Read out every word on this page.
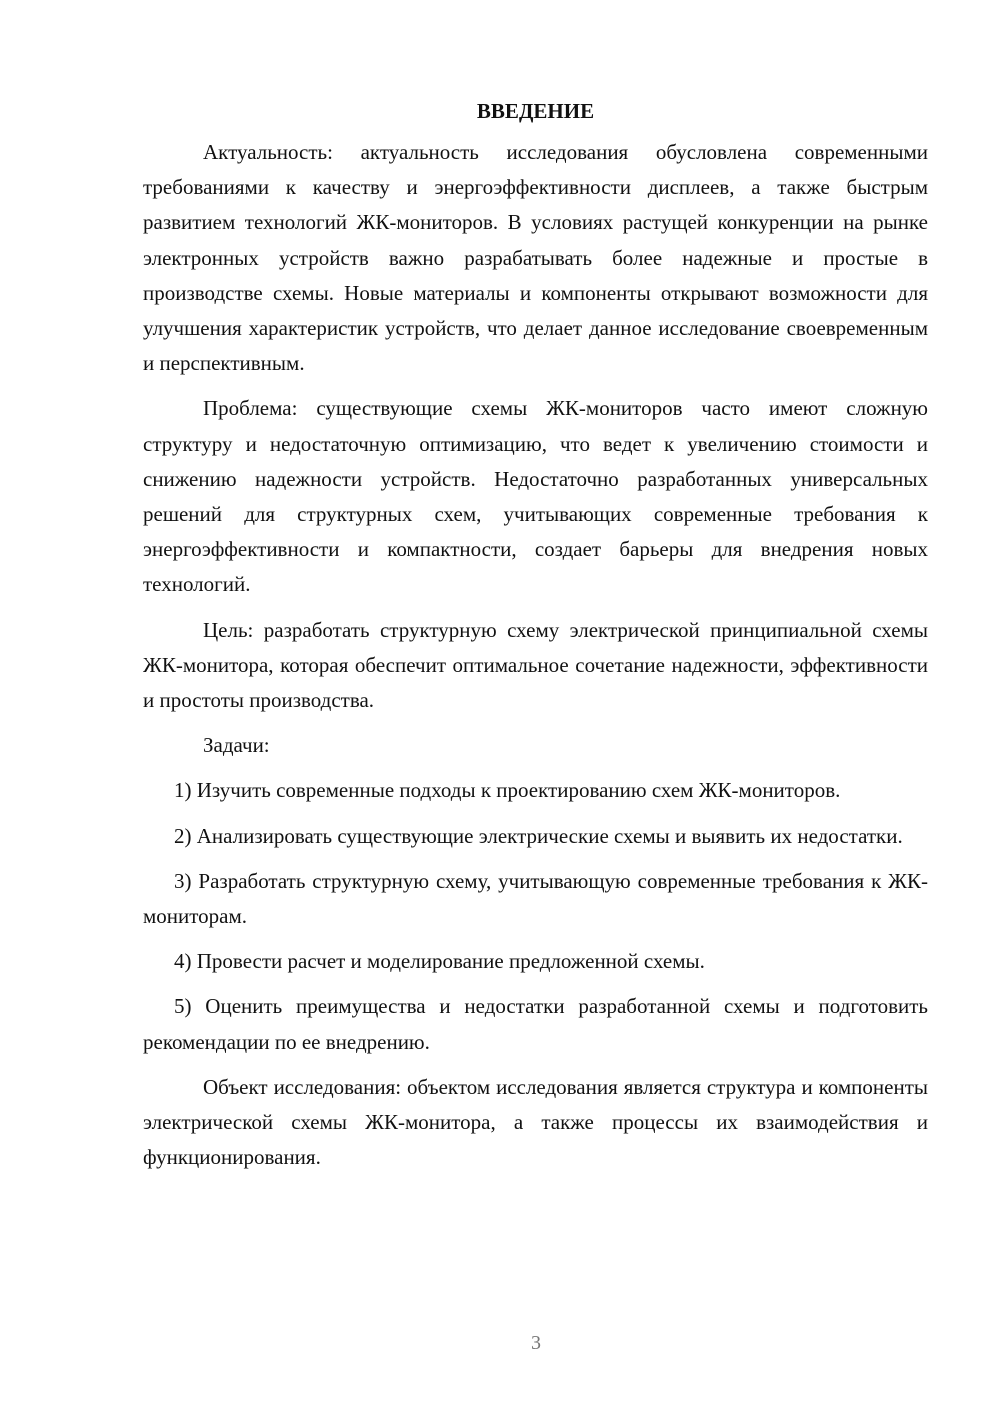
ВВЕДЕНИЕ

Актуальность: актуальность исследования обусловлена современными требованиями к качеству и энергоэффективности дисплеев, а также быстрым развитием технологий ЖК-мониторов. В условиях растущей конкуренции на рынке электронных устройств важно разрабатывать более надежные и простые в производстве схемы. Новые материалы и компоненты открывают возможности для улучшения характеристик устройств, что делает данное исследование своевременным и перспективным.

Проблема: существующие схемы ЖК-мониторов часто имеют сложную структуру и недостаточную оптимизацию, что ведет к увеличению стоимости и снижению надежности устройств. Недостаточно разработанных универсальных решений для структурных схем, учитывающих современные требования к энергоэффективности и компактности, создает барьеры для внедрения новых технологий.

Цель: разработать структурную схему электрической принципиальной схемы ЖК-монитора, которая обеспечит оптимальное сочетание надежности, эффективности и простоты производства.

Задачи:

1) Изучить современные подходы к проектированию схем ЖК-мониторов.

2) Анализировать существующие электрические схемы и выявить их недостатки.

3) Разработать структурную схему, учитывающую современные требования к ЖК-мониторам.

4) Провести расчет и моделирование предложенной схемы.

5) Оценить преимущества и недостатки разработанной схемы и подготовить рекомендации по ее внедрению.

Объект исследования: объектом исследования является структура и компоненты электрической схемы ЖК-монитора, а также процессы их взаимодействия и функционирования.

3
